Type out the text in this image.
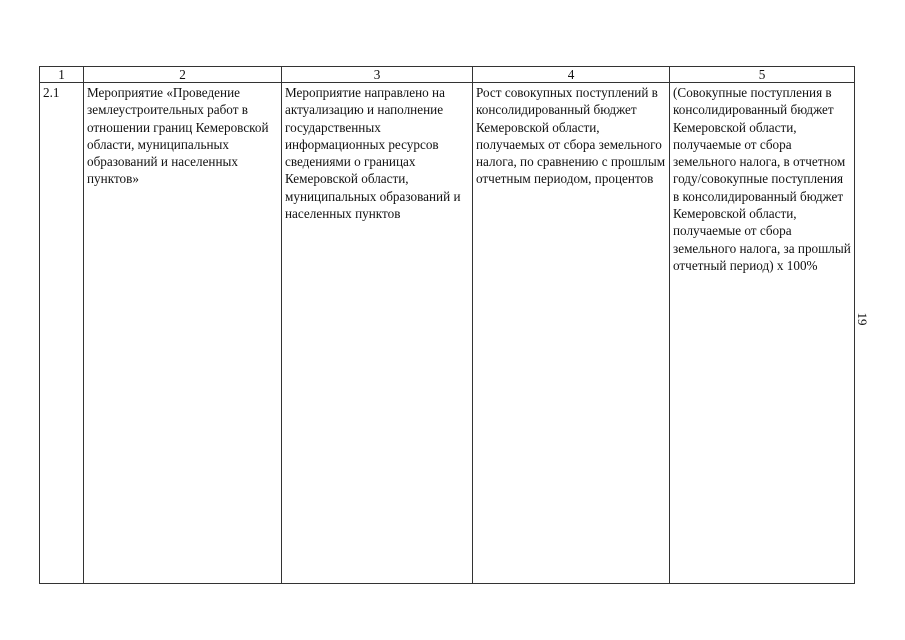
1	2	3	4	5
2.1	Мероприятие «Проведение землеустроительных работ в отношении границ Кемеровской области, муниципальных образований и населенных пунктов»	Мероприятие направлено на актуализацию и наполнение государственных информационных ресурсов сведениями о границах Кемеровской области, муниципальных образований и населенных пунктов	Рост совокупных поступлений в консолидированный бюджет Кемеровской области, получаемых от сбора земельного налога, по сравнению с прошлым отчетным периодом, процентов	(Совокупные поступления в консолидированный бюджет Кемеровской области, получаемые от сбора земельного налога, в отчетном году/совокупные поступления в консолидированный бюджет Кемеровской области, получаемые от сбора земельного налога, за прошлый отчетный период) x 100%
19
